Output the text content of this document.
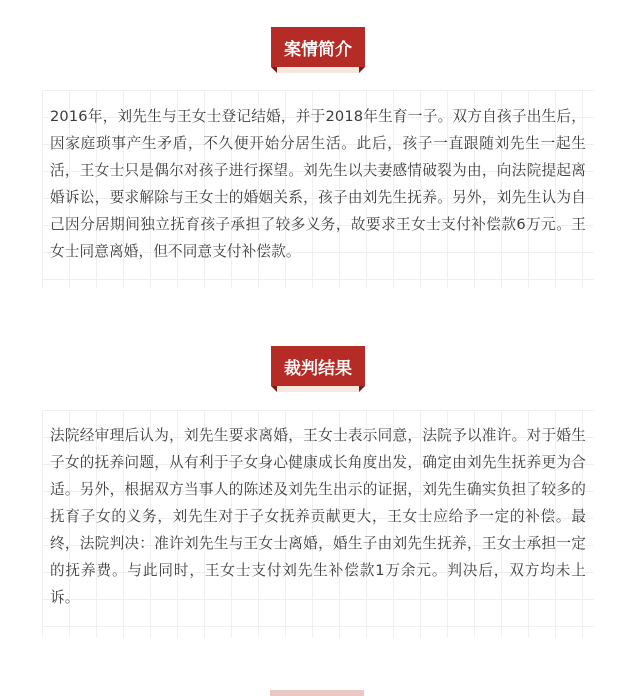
案情简介

2016年，刘先生与王女士登记结婚，并于2018年生育一子。双方自孩子出生后，因家庭琐事产生矛盾，不久便开始分居生活。此后，孩子一直跟随刘先生一起生活，王女士只是偶尔对孩子进行探望。刘先生以夫妻感情破裂为由，向法院提起离婚诉讼，要求解除与王女士的婚姻关系，孩子由刘先生抚养。另外，刘先生认为自己因分居期间独立抚育孩子承担了较多义务，故要求王女士支付补偿款6万元。王女士同意离婚，但不同意支付补偿款。

裁判结果

法院经审理后认为，刘先生要求离婚，王女士表示同意，法院予以准许。对于婚生子女的抚养问题，从有利于子女身心健康成长角度出发，确定由刘先生抚养更为合适。另外，根据双方当事人的陈述及刘先生出示的证据，刘先生确实负担了较多的抚育子女的义务，刘先生对于子女抚养贡献更大，王女士应给予一定的补偿。最终，法院判决：准许刘先生与王女士离婚，婚生子由刘先生抚养，王女士承担一定的抚养费。与此同时，王女士支付刘先生补偿款1万余元。判决后，双方均未上诉。
